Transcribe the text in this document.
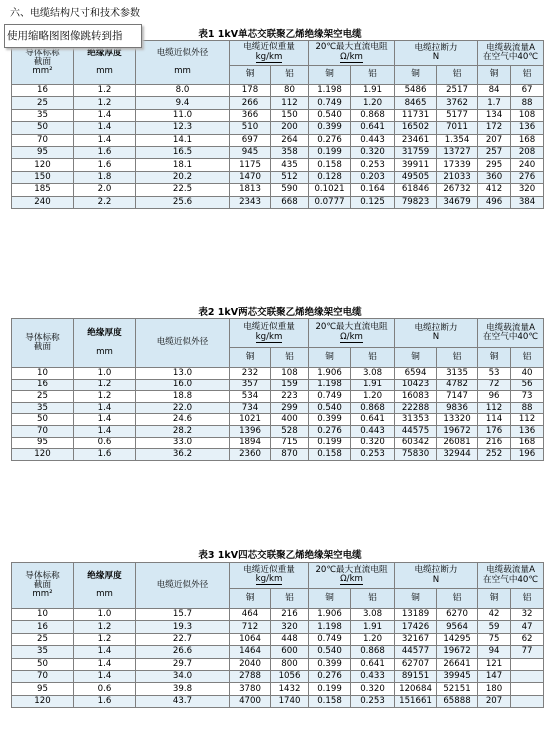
六、电缆结构尺寸和技术参数
使用缩略图图像跳转到指	表1 1kV单芯交联聚乙烯绝缘架空电缆
导体标称
截面
mm²	绝缘厚度

mm	电缆近似外径

mm	电缆近似重量
kg/km		20℃最大直流电阻
Ω/km		电缆拉断力
N		电缆载流量A
在空气中40℃	
			铜	铝	铜	铝	铜	铝	铜	铝
16	1.2	8.0	178	80	1.198	1.91	5486	2517	84	67
25	1.2	9.4	266	112	0.749	1.20	8465	3762	1.7	88
35	1.4	11.0	366	150	0.540	0.868	11731	5177	134	108
50	1.4	12.3	510	200	0.399	0.641	16502	7011	172	136
70	1.4	14.1	697	264	0.276	0.443	23461	1.354	207	168
95	1.6	16.5	945	358	0.199	0.320	31759	13727	257	208
120	1.6	18.1	1175	435	0.158	0.253	39911	17339	295	240
150	1.8	20.2	1470	512	0.128	0.203	49505	21033	360	276
185	2.0	22.5	1813	590	0.1021	0.164	61846	26732	412	320
240	2.2	25.6	2343	668	0.0777	0.125	79823	34679	496	384
表2 1kV两芯交联聚乙烯绝缘架空电缆
导体标称
截面	绝缘厚度

mm	电缆近似外径	电缆近似重量
kg/km		20℃最大直流电阻
Ω/km		电缆拉断力
N		电缆载流量A
在空气中40℃	
			铜	铝	铜	铝	铜	铝	铜	铝
10	1.0	13.0	232	108	1.906	3.08	6594	3135	53	40
16	1.2	16.0	357	159	1.198	1.91	10423	4782	72	56
25	1.2	18.8	534	223	0.749	1.20	16083	7147	96	73
35	1.4	22.0	734	299	0.540	0.868	22288	9836	112	88
50	1.4	24.6	1021	400	0.399	0.641	31353	13320	114	112
70	1.4	28.2	1396	528	0.276	0.443	44575	19672	176	136
95	0.6	33.0	1894	715	0.199	0.320	60342	26081	216	168
120	1.6	36.2	2360	870	0.158	0.253	75830	32944	252	196
表3 1kV四芯交联聚乙烯绝缘架空电缆
导体标称
截面
mm²	绝缘厚度

mm	电缆近似外径	电缆近似重量
kg/km		20℃最大直流电阻
Ω/km		电缆拉断力
N		电缆载流量A
在空气中40℃	
			铜	铝	铜	铝	铜	铝	铜	铝
10	1.0	15.7	464	216	1.906	3.08	13189	6270	42	32
16	1.2	19.3	712	320	1.198	1.91	17426	9564	59	47
25	1.2	22.7	1064	448	0.749	1.20	32167	14295	75	62
35	1.4	26.6	1464	600	0.540	0.868	44577	19672	94	77
50	1.4	29.7	2040	800	0.399	0.641	62707	26641	121	
70	1.4	34.0	2788	1056	0.276	0.433	89151	39945	147	
95	0.6	39.8	3780	1432	0.199	0.320	120684	52151	180	
120	1.6	43.7	4700	1740	0.158	0.253	151661	65888	207	
